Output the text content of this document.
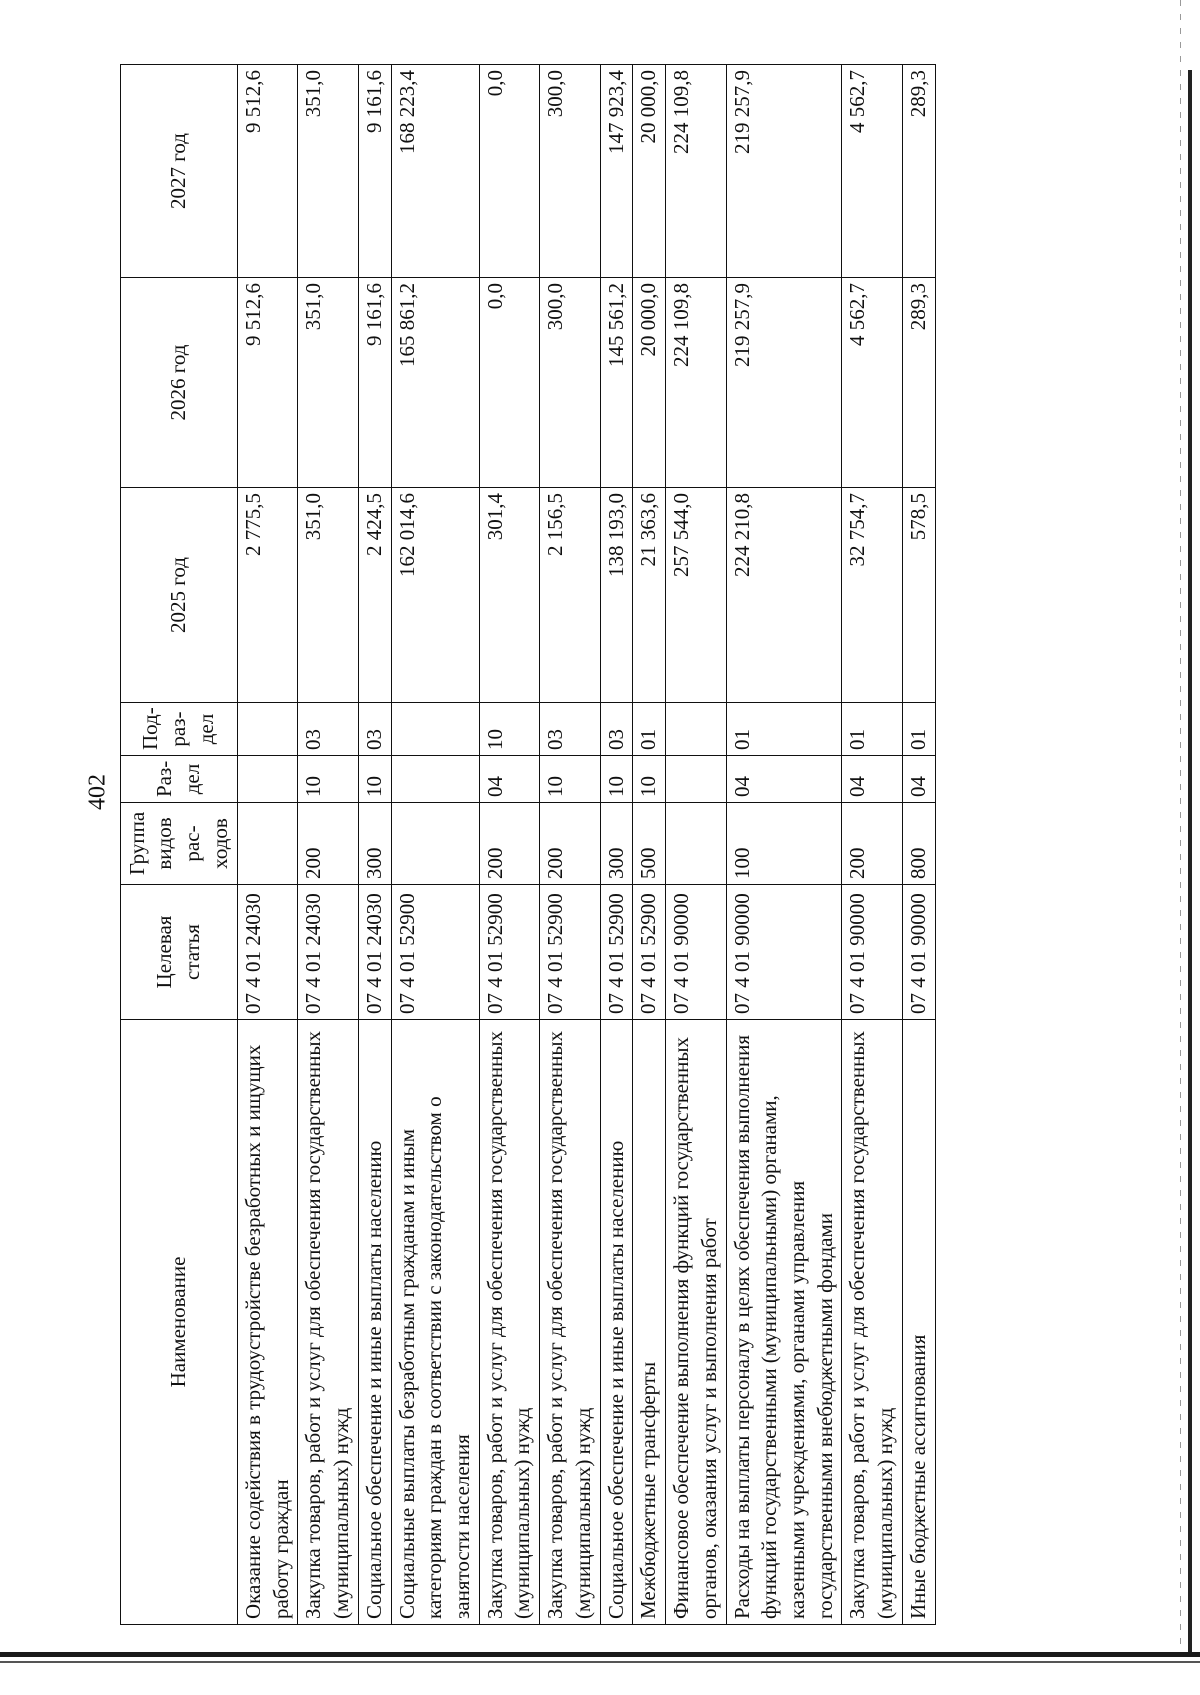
402
Наименование	Целевая статья	Группа видов рас-ходов	Раз-дел	Под-раз-дел	2025 год	2026 год	2027 год
Оказание содействия в трудоустройстве безработных и ищущих работу граждан	07 4 01 24030				2 775,5	9 512,6	9 512,6
Закупка товаров, работ и услуг для обеспечения государственных (муниципальных) нужд	07 4 01 24030	200	10	03	351,0	351,0	351,0
Социальное обеспечение и иные выплаты населению	07 4 01 24030	300	10	03	2 424,5	9 161,6	9 161,6
Социальные выплаты безработным гражданам и иным категориям граждан в соответствии с законодательством о занятости населения	07 4 01 52900				162 014,6	165 861,2	168 223,4
Закупка товаров, работ и услуг для обеспечения государственных (муниципальных) нужд	07 4 01 52900	200	04	10	301,4	0,0	0,0
Закупка товаров, работ и услуг для обеспечения государственных (муниципальных) нужд	07 4 01 52900	200	10	03	2 156,5	300,0	300,0
Социальное обеспечение и иные выплаты населению	07 4 01 52900	300	10	03	138 193,0	145 561,2	147 923,4
Межбюджетные трансферты	07 4 01 52900	500	10	01	21 363,6	20 000,0	20 000,0
Финансовое обеспечение выполнения функций государственных органов, оказания услуг и выполнения работ	07 4 01 90000				257 544,0	224 109,8	224 109,8
Расходы на выплаты персоналу в целях обеспечения выполнения функций государственными (муниципальными) органами, казенными учреждениями, органами управления государственными внебюджетными фондами	07 4 01 90000	100	04	01	224 210,8	219 257,9	219 257,9
Закупка товаров, работ и услуг для обеспечения государственных (муниципальных) нужд	07 4 01 90000	200	04	01	32 754,7	4 562,7	4 562,7
Иные бюджетные ассигнования	07 4 01 90000	800	04	01	578,5	289,3	289,3
